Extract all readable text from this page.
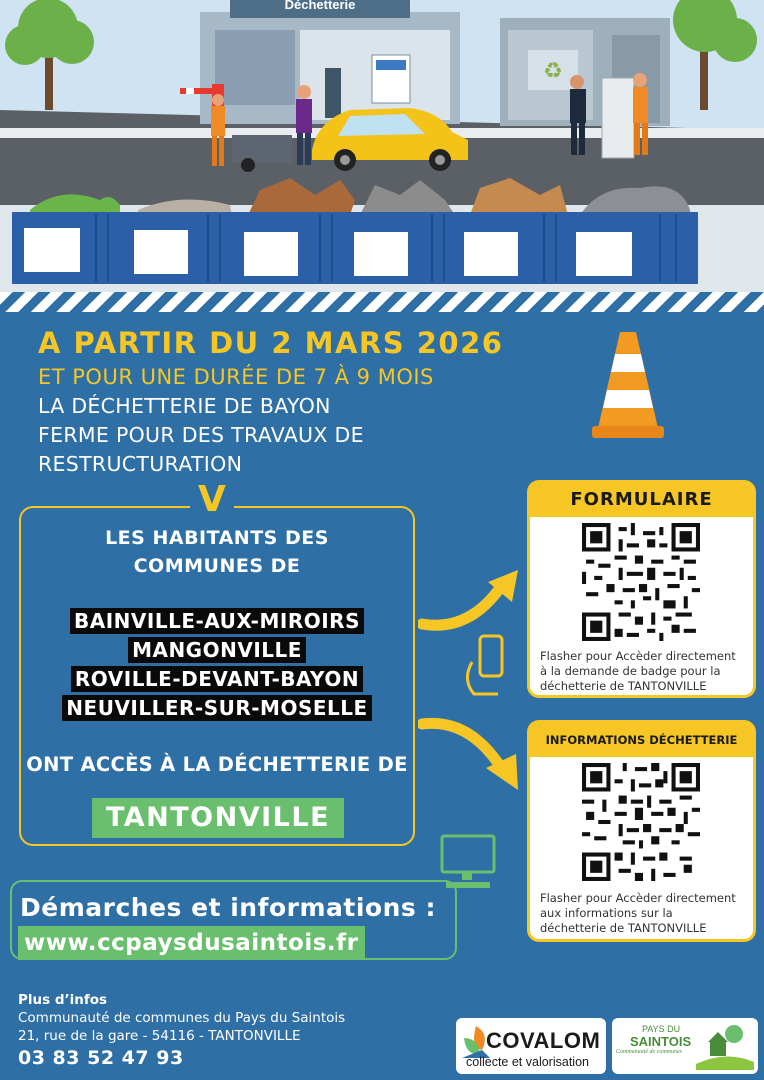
Déchetterie
♻
A PARTIR DU 2 MARS 2026
ET POUR UNE DURÉE DE 7 À 9 MOIS
LA DÉCHETTERIE DE BAYON
FERME POUR DES TRAVAUX DE
RESTRUCTURATION
V
LES HABITANTS DES
COMMUNES DE
BAINVILLE-AUX-MIROIRS
MANGONVILLE
ROVILLE-DEVANT-BAYON
NEUVILLER-SUR-MOSELLE
ONT ACCÈS À LA DÉCHETTERIE DE
TANTONVILLE
FORMULAIRE
Flasher pour Accèder directement
à la demande de badge pour la
déchetterie de TANTONVILLE
INFORMATIONS DÉCHETTERIE
Flasher pour Accèder directement
aux informations sur la
déchetterie de TANTONVILLE
Démarches et informations :
www.ccpaysdusaintois.fr
Plus d’infos
Communauté de communes du Pays du Saintois
21, rue de la gare - 54116 - TANTONVILLE
03 83 52 47 93
COVALOM
collecte et valorisation
PAYS DU
SAINTOIS
Communauté de communes
